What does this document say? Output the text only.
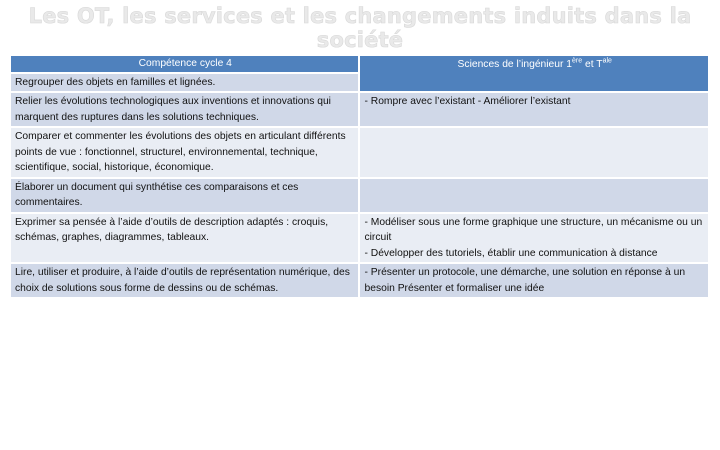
Les OT, les services et les changements induits dans la société
Compétence cycle 4	Sciences de l’ingénieur 1ère et $T^{ale}$
Regrouper des objets en familles et lignées.	
Relier les évolutions technologiques aux inventions et innovations qui marquent des ruptures dans les solutions techniques.	- Rompre avec l’existant - Améliorer l’existant

Comparer et commenter les évolutions des objets en articulant différents points de vue : fonctionnel, structurel, environnemental, technique, scientifique, social, historique, économique.	
Élaborer un document qui synthétise ces comparaisons et ces commentaires.	
Exprimer sa pensée à l’aide d’outils de description adaptés : croquis, schémas, graphes, diagrammes, tableaux.	- Modéliser sous une forme graphique une structure, un mécanisme ou un circuit
- Développer des tutoriels, établir une communication à distance

Lire, utiliser et produire, à l’aide d’outils de représentation numérique, des choix de solutions sous forme de dessins ou de schémas.	- Présenter un protocole, une démarche, une solution en réponse à un besoin Présenter et formaliser une idée
